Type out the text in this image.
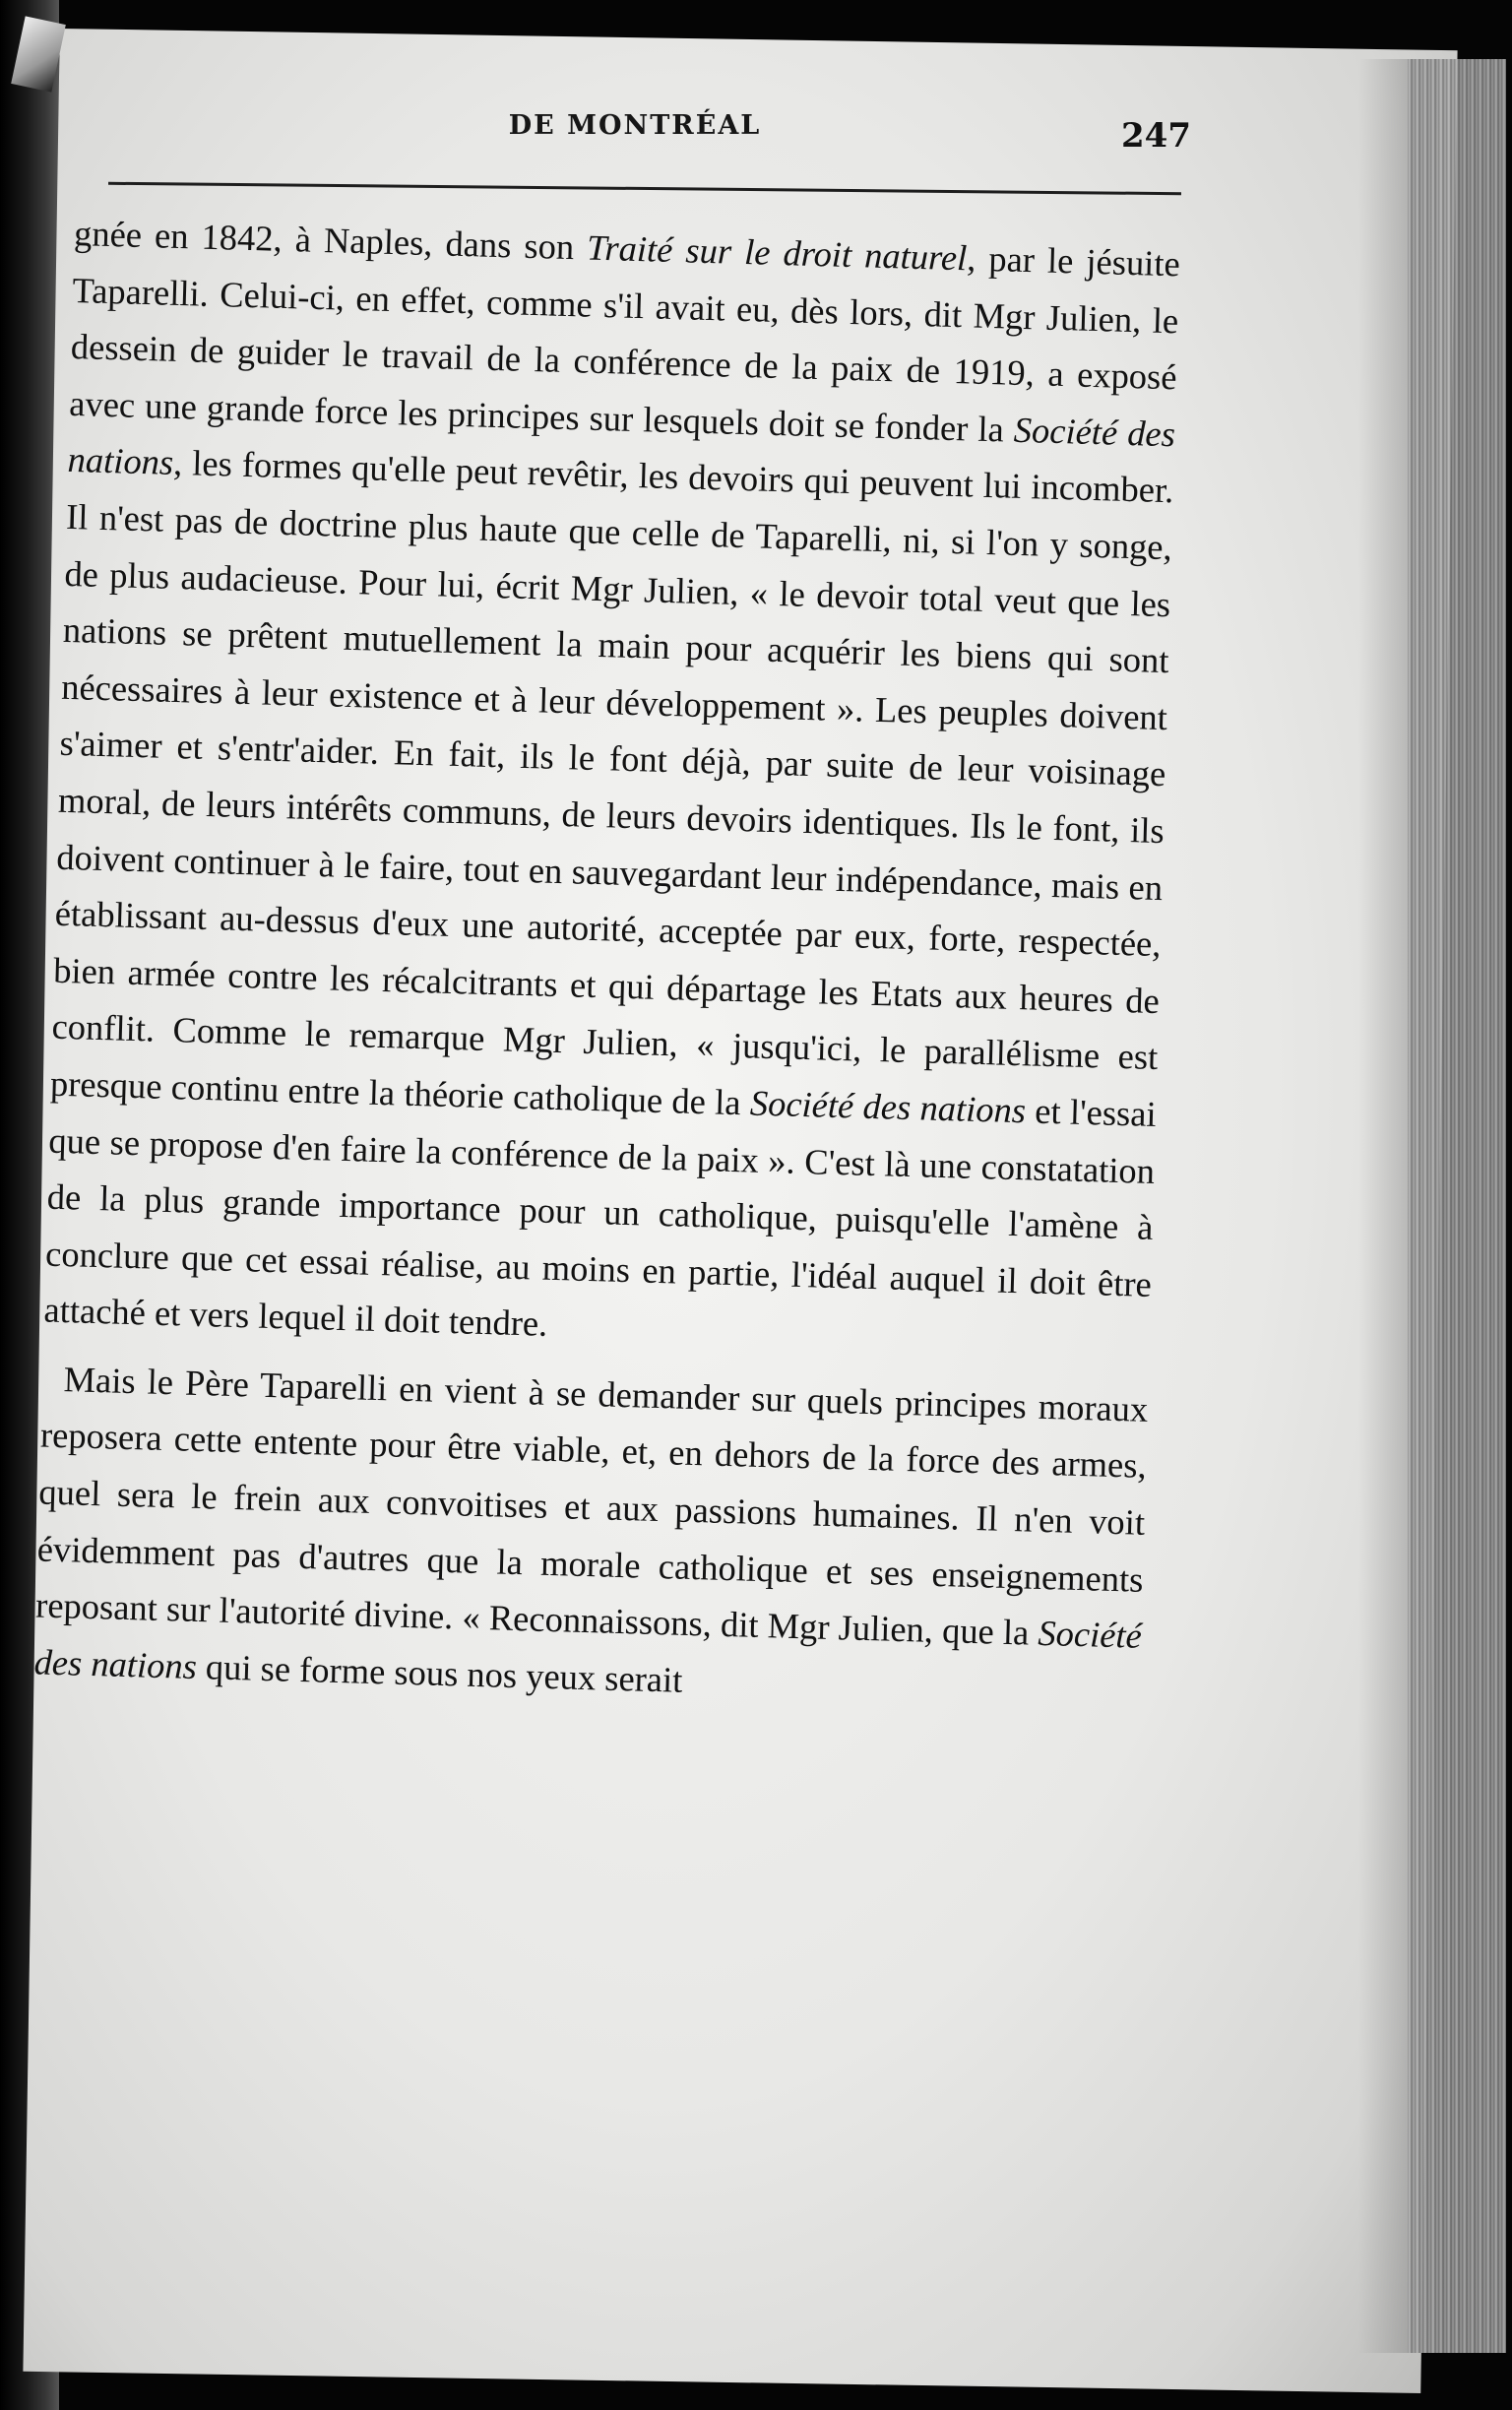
DE MONTRÉAL	247

gnée en 1842, à Naples, dans son Traité sur le droit naturel, par le jésuite Taparelli. Celui-ci, en effet, comme s'il avait eu, dès lors, dit Mgr Julien, le dessein de guider le travail de la conférence de la paix de 1919, a exposé avec une grande force les principes sur lesquels doit se fonder la Société des nations, les formes qu'elle peut revêtir, les devoirs qui peuvent lui incomber. Il n'est pas de doctrine plus haute que celle de Taparelli, ni, si l'on y songe, de plus audacieuse. Pour lui, écrit Mgr Julien, « le devoir total veut que les nations se prêtent mutuellement la main pour acquérir les biens qui sont nécessaires à leur existence et à leur développement ». Les peuples doivent s'aimer et s'entr'aider. En fait, ils le font déjà, par suite de leur voisinage moral, de leurs intérêts communs, de leurs devoirs identiques. Ils le font, ils doivent continuer à le faire, tout en sauvegardant leur indépendance, mais en établissant au-dessus d'eux une autorité, acceptée par eux, forte, respectée, bien armée contre les récalcitrants et qui départage les Etats aux heures de conflit. Comme le remarque Mgr Julien, « jusqu'ici, le parallélisme est presque continu entre la théorie catholique de la Société des nations et l'essai que se propose d'en faire la conférence de la paix ». C'est là une constatation de la plus grande importance pour un catholique, puisqu'elle l'amène à conclure que cet essai réalise, au moins en partie, l'idéal auquel il doit être attaché et vers lequel il doit tendre.

Mais le Père Taparelli en vient à se demander sur quels principes moraux reposera cette entente pour être viable, et, en dehors de la force des armes, quel sera le frein aux convoitises et aux passions humaines. Il n'en voit évidemment pas d'autres que la morale catholique et ses enseignements reposant sur l'autorité divine. « Reconnaissons, dit Mgr Julien, que la Société des nations qui se forme sous nos yeux serait
